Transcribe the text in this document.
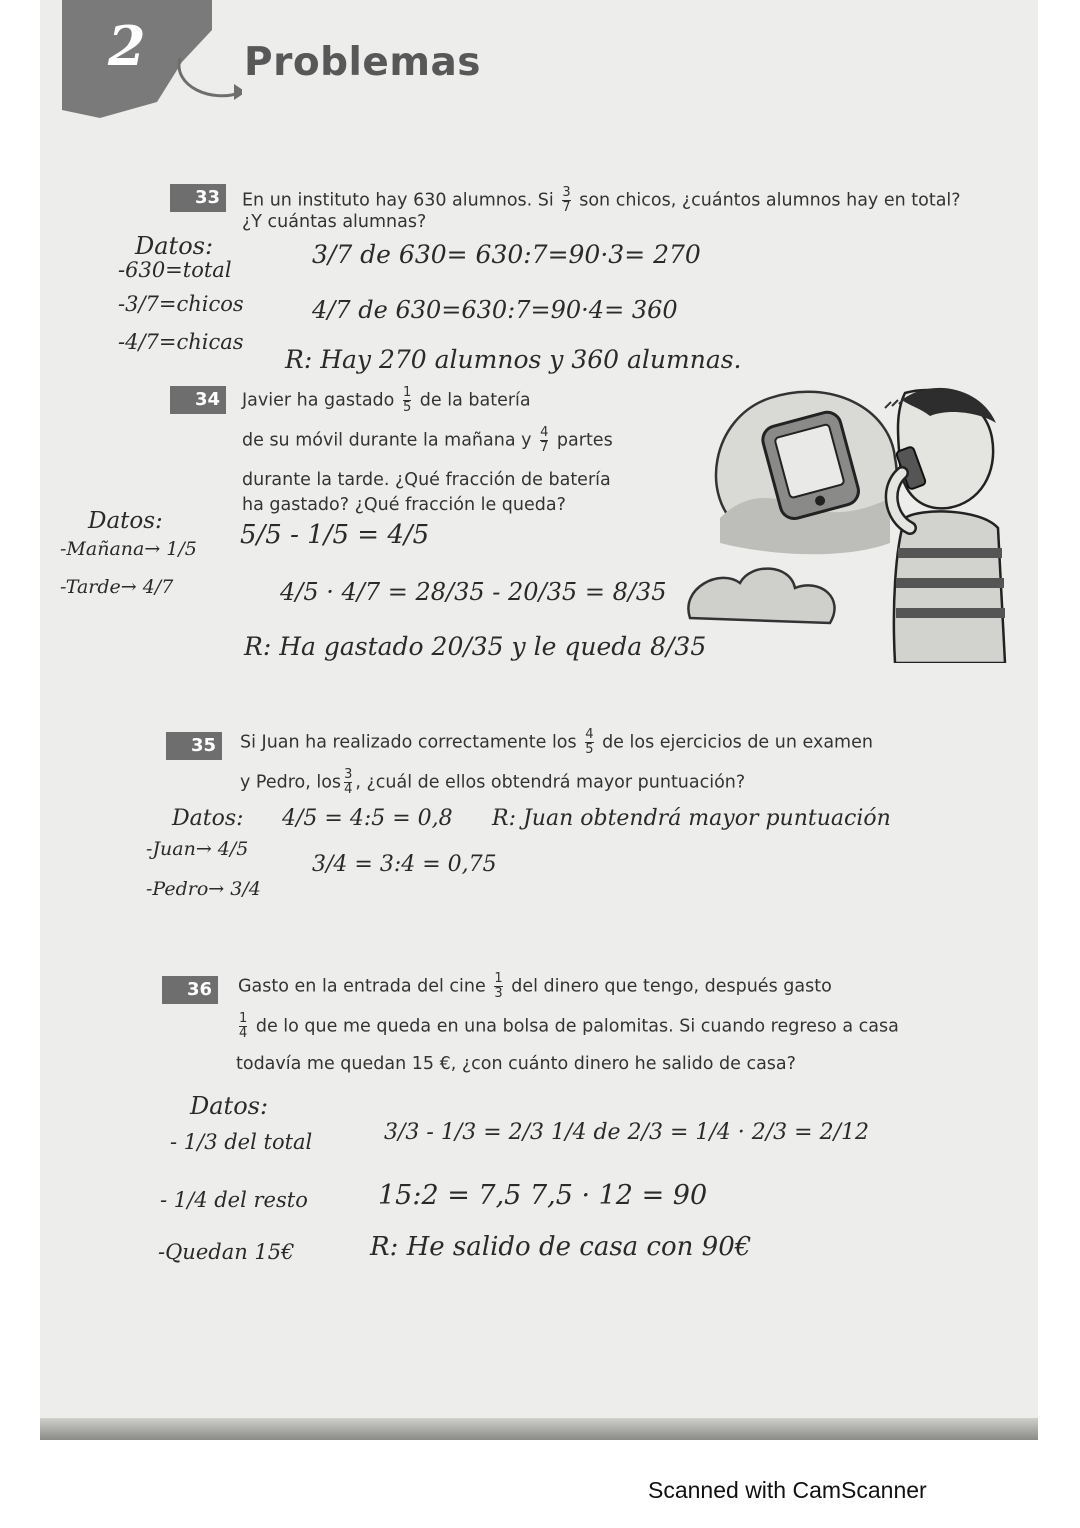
2	Problemas
33	En un instituto hay 630 alumnos. Si $\frac{3}{7}$ son chicos, ¿cuántos alumnos hay en total?
¿Y cuántas alumnas?
Datos:
-630=total
-3/7=chicos
-4/7=chicas
3/7 de 630= 630:7=90·3= 270
4/7 de 630=630:7=90·4= 360
R: Hay 270 alumnos y 360 alumnas.
34	Javier ha gastado $\frac{1}{5}$ de la batería
de su móvil durante la mañana y $\frac{4}{7}$ partes
durante la tarde. ¿Qué fracción de batería
ha gastado? ¿Qué fracción le queda?
Datos:
-Mañana→ 1/5
-Tarde→ 4/7
5/5 - 1/5 = 4/5
4/5 · 4/7 = 28/35 - 20/35 = 8/35
R: Ha gastado 20/35 y le queda 8/35
35	Si Juan ha realizado correctamente los $\frac{4}{5}$ de los ejercicios de un examen
y Pedro, los $\frac{3}{4}$ , ¿cuál de ellos obtendrá mayor puntuación?
Datos:
-Juan→ 4/5
-Pedro→ 3/4
4/5 = 4:5 = 0,8
3/4 = 3:4 = 0,75
R: Juan obtendrá mayor puntuación
36	Gasto en la entrada del cine $\frac{1}{3}$ del dinero que tengo, después gasto
$\frac{1}{4}$ de lo que me queda en una bolsa de palomitas. Si cuando regreso a casa
todavía me quedan 15 €, ¿con cuánto dinero he salido de casa?
Datos:
- 1/3 del total
- 1/4 del resto
-Quedan 15€
3/3 - 1/3 = 2/3 1/4 de 2/3 = 1/4 · 2/3 = 2/12
15:2 = 7,5 7,5 · 12 = 90
R: He salido de casa con 90€
Scanned with CamScanner
